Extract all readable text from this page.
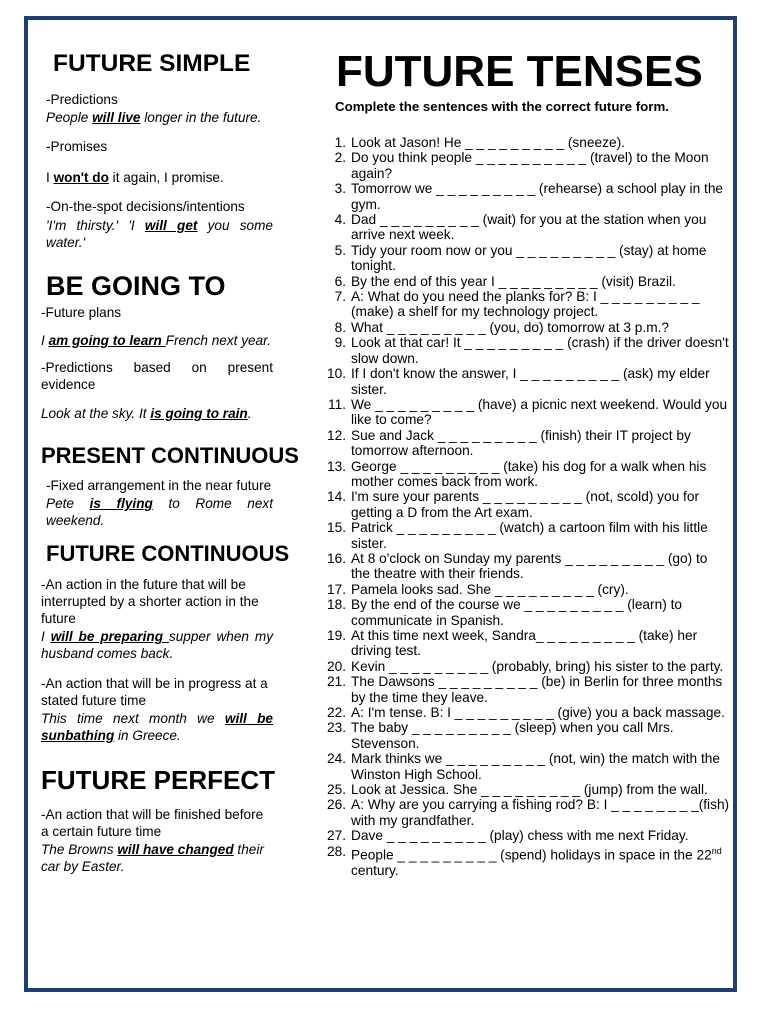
FUTURE SIMPLE

-Predictions

People will live longer in the future.

-Promises

I won't do it again, I promise.

-On-the-spot decisions/intentions

'I'm thirsty.' 'I will get you some water.'

BE GOING TO

-Future plans

I am going to learn French next year.

-Predictions based on present evidence

Look at the sky. It is going to rain.

PRESENT CONTINUOUS

-Fixed arrangement in the near future

Pete is flying to Rome next weekend.

FUTURE CONTINUOUS

-An action in the future that will be interrupted by a shorter action in the future

I will be preparing supper when my husband comes back.

-An action that will be in progress at a stated future time

This time next month we will be sunbathing in Greece.

FUTURE PERFECT

-An action that will be finished before a certain future time

The Browns will have changed their car by Easter.

FUTURE TENSES

Complete the sentences with the correct future form.

1. Look at Jason! He _ _ _ _ _ _ _ _ _ (sneeze).
2. Do you think people _ _ _ _ _ _ _ _ _ _ (travel) to the Moon again?
3. Tomorrow we _ _ _ _ _ _ _ _ _ (rehearse) a school play in the gym.
4. Dad _ _ _ _ _ _ _ _ _ (wait) for you at the station when you arrive next week.
5. Tidy your room now or you _ _ _ _ _ _ _ _ _ (stay) at home tonight.
6. By the end of this year I _ _ _ _ _ _ _ _ _ (visit) Brazil.
7. A: What do you need the planks for? B: I _ _ _ _ _ _ _ _ _ (make) a shelf for my technology project.
8. What _ _ _ _ _ _ _ _ _ (you, do) tomorrow at 3 p.m.?
9. Look at that car! It _ _ _ _ _ _ _ _ _ (crash) if the driver doesn't slow down.
10. If I don't know the answer, I _ _ _ _ _ _ _ _ _ (ask) my elder sister.
11. We _ _ _ _ _ _ _ _ _ (have) a picnic next weekend. Would you like to come?
12. Sue and Jack _ _ _ _ _ _ _ _ _ (finish) their IT project by tomorrow afternoon.
13. George _ _ _ _ _ _ _ _ _ (take) his dog for a walk when his mother comes back from work.
14. I'm sure your parents _ _ _ _ _ _ _ _ _ (not, scold) you for getting a D from the Art exam.
15. Patrick _ _ _ _ _ _ _ _ _ (watch) a cartoon film with his little sister.
16. At 8 o'clock on Sunday my parents _ _ _ _ _ _ _ _ _ (go) to the theatre with their friends.
17. Pamela looks sad. She _ _ _ _ _ _ _ _ _ (cry).
18. By the end of the course we _ _ _ _ _ _ _ _ _ (learn) to communicate in Spanish.
19. At this time next week, Sandra_ _ _ _ _ _ _ _ _ (take) her driving test.
20. Kevin _ _ _ _ _ _ _ _ _ (probably, bring) his sister to the party.
21. The Dawsons _ _ _ _ _ _ _ _ _ (be) in Berlin for three months by the time they leave.
22. A: I'm tense. B: I _ _ _ _ _ _ _ _ _ (give) you a back massage.
23. The baby _ _ _ _ _ _ _ _ _ (sleep) when you call Mrs. Stevenson.
24. Mark thinks we _ _ _ _ _ _ _ _ _ (not, win) the match with the Winston High School.
25. Look at Jessica. She _ _ _ _ _ _ _ _ _ (jump) from the wall.
26. A: Why are you carrying a fishing rod? B: I _ _ _ _ _ _ _ _(fish) with my grandfather.
27. Dave _ _ _ _ _ _ _ _ _ (play) chess with me next Friday.
28. People _ _ _ _ _ _ _ _ _ (spend) holidays in space in the 22nd century.
